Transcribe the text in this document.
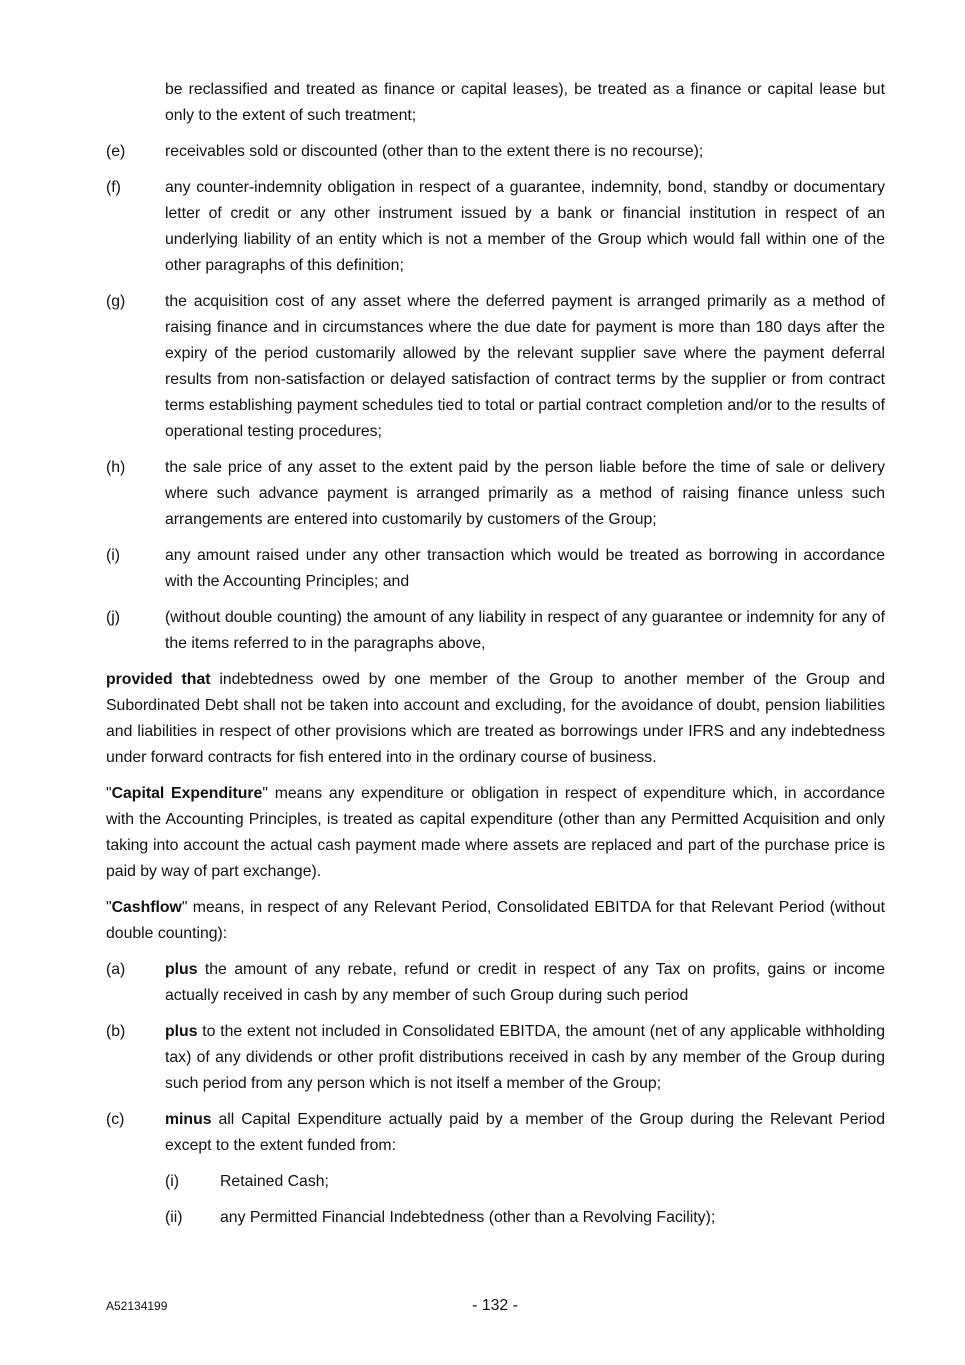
be reclassified and treated as finance or capital leases), be treated as a finance or capital lease but only to the extent of such treatment;

(e)	receivables sold or discounted (other than to the extent there is no recourse);
(f)	any counter-indemnity obligation in respect of a guarantee, indemnity, bond, standby or documentary letter of credit or any other instrument issued by a bank or financial institution in respect of an underlying liability of an entity which is not a member of the Group which would fall within one of the other paragraphs of this definition;
(g)	the acquisition cost of any asset where the deferred payment is arranged primarily as a method of raising finance and in circumstances where the due date for payment is more than 180 days after the expiry of the period customarily allowed by the relevant supplier save where the payment deferral results from non-satisfaction or delayed satisfaction of contract terms by the supplier or from contract terms establishing payment schedules tied to total or partial contract completion and/or to the results of operational testing procedures;
(h)	the sale price of any asset to the extent paid by the person liable before the time of sale or delivery where such advance payment is arranged primarily as a method of raising finance unless such arrangements are entered into customarily by customers of the Group;
(i)	any amount raised under any other transaction which would be treated as borrowing in accordance with the Accounting Principles; and
(j)	(without double counting) the amount of any liability in respect of any guarantee or indemnity for any of the items referred to in the paragraphs above,

provided that indebtedness owed by one member of the Group to another member of the Group and Subordinated Debt shall not be taken into account and excluding, for the avoidance of doubt, pension liabilities and liabilities in respect of other provisions which are treated as borrowings under IFRS and any indebtedness under forward contracts for fish entered into in the ordinary course of business.

"Capital Expenditure" means any expenditure or obligation in respect of expenditure which, in accordance with the Accounting Principles, is treated as capital expenditure (other than any Permitted Acquisition and only taking into account the actual cash payment made where assets are replaced and part of the purchase price is paid by way of part exchange).

"Cashflow" means, in respect of any Relevant Period, Consolidated EBITDA for that Relevant Period (without double counting):

(a)	plus the amount of any rebate, refund or credit in respect of any Tax on profits, gains or income actually received in cash by any member of such Group during such period
(b)	plus to the extent not included in Consolidated EBITDA, the amount (net of any applicable withholding tax) of any dividends or other profit distributions received in cash by any member of the Group during such period from any person which is not itself a member of the Group;
(c)	minus all Capital Expenditure actually paid by a member of the Group during the Relevant Period except to the extent funded from:
(i)	Retained Cash;
(ii)	any Permitted Financial Indebtedness (other than a Revolving Facility);
A52134199	- 132 -
